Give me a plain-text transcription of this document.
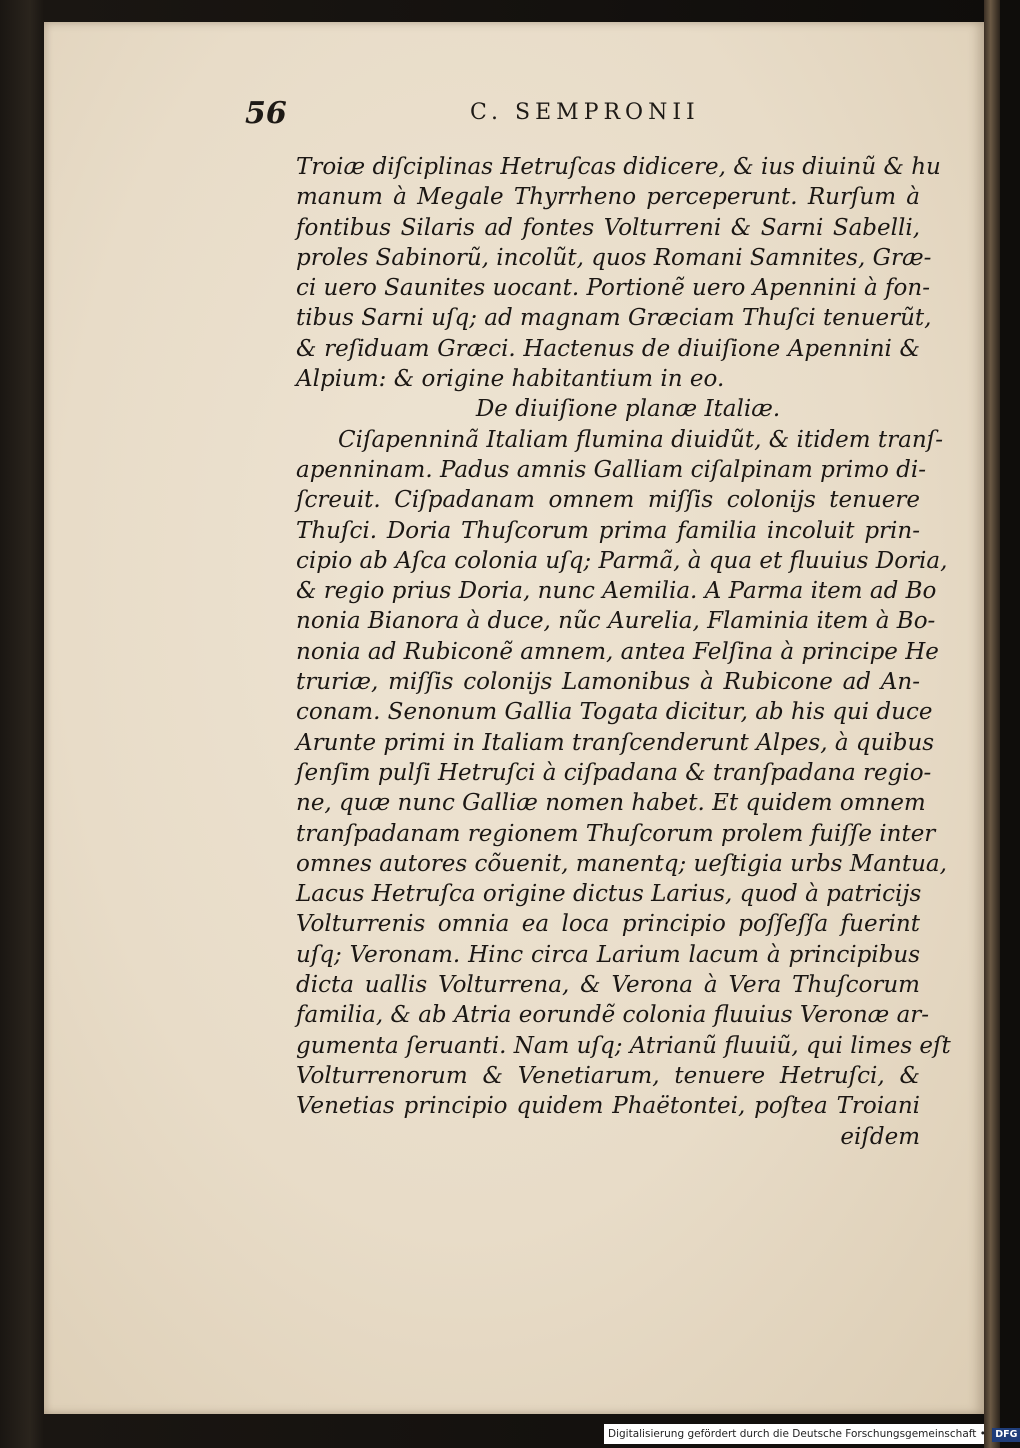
56	C. SEMPRONII
Troiæ diſciplinas Hetruſcas didicere, & ius diuinũ & hu
manum à Megale Thyrrheno perceperunt. Rurſum à
fontibus Silaris ad fontes Volturreni & Sarni Sabelli,
proles Sabinorũ, incolũt, quos Romani Samnites, Græ-
ci uero Saunites uocant. Portionẽ uero Apennini à fon-
tibus Sarni uſq; ad magnam Græciam Thuſci tenuerũt,
& reſiduam Græci. Hactenus de diuiſione Apennini &
Alpium: & origine habitantium in eo.
De diuiſione planæ Italiæ.
Ciſapenninã Italiam flumina diuidũt, & itidem tranſ-
apenninam. Padus amnis Galliam ciſalpinam primo di-
ſcreuit. Ciſpadanam omnem miſſis colonijs tenuere
Thuſci. Doria Thuſcorum prima familia incoluit prin-
cipio ab Aſca colonia uſq; Parmã, à qua et fluuius Doria,
& regio prius Doria, nunc Aemilia. A Parma item ad Bo
nonia Bianora à duce, nũc Aurelia, Flaminia item à Bo-
nonia ad Rubiconẽ amnem, antea Felſina à principe He
truriæ, miſſis colonijs Lamonibus à Rubicone ad An-
conam. Senonum Gallia Togata dicitur, ab his qui duce
Arunte primi in Italiam tranſcenderunt Alpes, à quibus
ſenſim pulſi Hetruſci à ciſpadana & tranſpadana regio-
ne, quæ nunc Galliæ nomen habet. Et quidem omnem
tranſpadanam regionem Thuſcorum prolem fuiſſe inter
omnes autores cõuenit, manentq; ueſtigia urbs Mantua,
Lacus Hetruſca origine dictus Larius, quod à patricijs
Volturrenis omnia ea loca principio poſſeſſa fuerint
uſq; Veronam. Hinc circa Larium lacum à principibus
dicta uallis Volturrena, & Verona à Vera Thuſcorum
familia, & ab Atria eorundẽ colonia fluuius Veronæ ar-
gumenta ſeruanti. Nam uſq; Atrianũ fluuiũ, qui limes eſt
Volturrenorum & Venetiarum, tenuere Hetruſci, &
Venetias principio quidem Phaëtontei, poſtea Troiani
eiſdem
Digitalisierung gefördert durch die Deutsche Forschungsgemeinschaft • DFG
